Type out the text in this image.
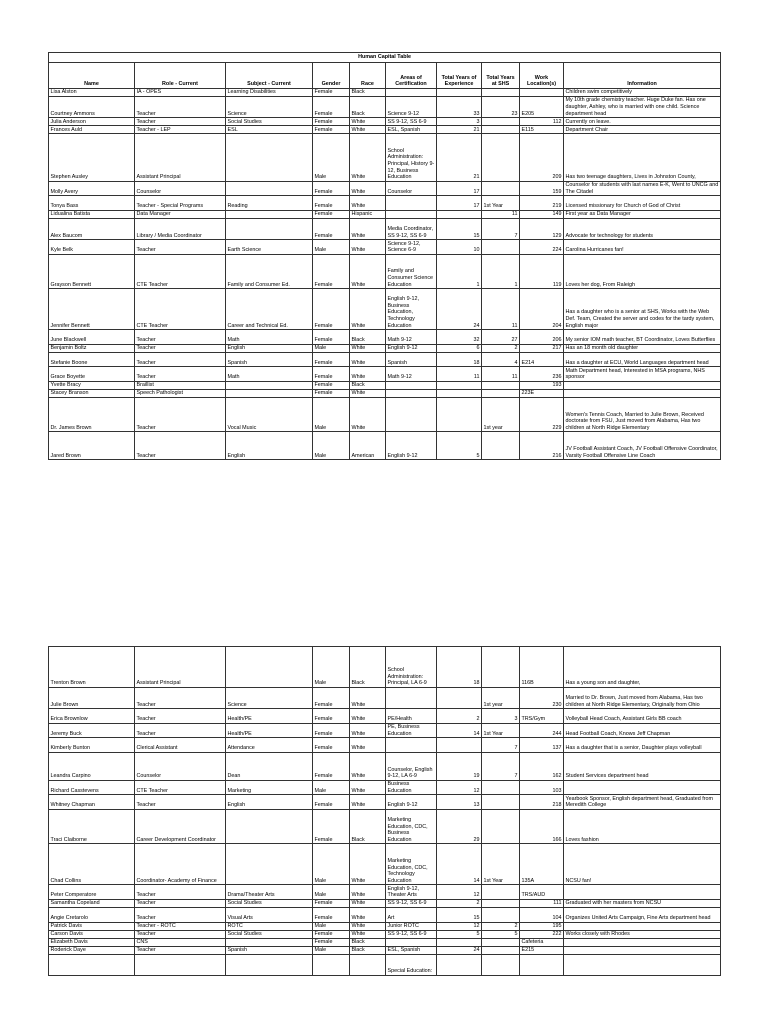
Human Capital Table									
Name	Role - Current	Subject - Current	Gender	Race	Areas of Certification	Total Years of Experience	Total Years at SHS	Work Location(s)	Information
Lisa Alston	IA - OPES	Learning Disabilities	Female	Black					Children swim competitively
Courtney Ammons	Teacher	Science	Female	Black	Science 9-12	33	23	E205	My 10th grade chemistry teacher. Huge Duke fan. Has one daughter, Ashley, who is married with one child. Science department head
Julia Anderson	Teacher	Social Studies	Female	White	SS 9-12, SS 6-9	3		112	Currently on leave.
Frances Auld	Teacher - LEP	ESL	Female	White	ESL, Spanish	21		E115	Department Chair
Stephen Ausley	Assistant Principal		Male	White	School Administration: Principal, History 9-12, Business Education	21		209	Has two teenage daughters, Lives in Johnston County,
Molly Avery	Counselor		Female	White	Counselor	17		159	Counselor for students with last names E-K, Went to UNCG and The Citadel
Tonya Bass	Teacher - Special Programs	Reading	Female	White		17	1st Year	219	Licensed missionary for Church of God of Christ
Lidualina Batista	Data Manager		Female	Hispanic			11	149	First year as Data Manager
Alex Baucom	Library / Media Coordinator		Female	White	Media Coordinator, SS 9-12, SS 6-9	15	7	129	Advocate for technology for students
Kyle Belk	Teacher	Earth Science	Male	White	Science 9-12, Science 6-9	10		224	Carolina Hurricanes fan!
Grayson Bennett	CTE Teacher	Family and Consumer Ed.	Female	White	Family and Consumer Science Education	1	1	119	Loves her dog, From Raleigh
Jennifer Bennett	CTE Teacher	Career and Technical Ed.	Female	White	English 9-12, Business Education, Technology Education	24	11	204	Has a daughter who is a senior at SHS, Works with the Web Def. Team, Created the server and codes for the tardy system, English major
June Blackwell	Teacher	Math	Female	Black	Math 9-12	32	27	206	My senior IOM math teacher, BT Coordinator, Loves Butterflies
Benjamin Boltz	Teacher	English	Male	White	English 9-12	6	2	217	Has an 18 month old daughter
Stefanie Boone	Teacher	Spanish	Female	White	Spanish	18	4	E214	Has a daughter at ECU, World Languages department head
Grace Boyette	Teacher	Math	Female	White	Math 9-12	11	11	236	Math Department head, Interested in MSA programs, NHS sponsor
Yvette Bracy	Braillist		Female	Black				193	
Stacey Branson	Speech Pathologist		Female	White				223E	
Dr. James Brown	Teacher	Vocal Music	Male	White			1st year	229	Women's Tennis Coach, Married to Julie Brown, Received doctorate from FSU, Just moved from Alabama, Has two children at North Ridge Elementary
Jared Brown	Teacher	English	Male	American	English 9-12	5		216	JV Football Assistant Coach, JV Football Offensive Coordinator, Varsity Football Offensive Line Coach
Trenton Brown	Assistant Principal		Male	Black	School Administration: Principal, LA 6-9	18		116B	Has a young son and daughter,
Julie Brown	Teacher	Science	Female	White			1st year	230	Married to Dr. Brown, Just moved from Alabama, Has two children at North Ridge Elementary, Originally from Ohio
Erica Brownlow	Teacher	Health/PE	Female	White	PE/Health	2	3	TRS/Gym	Volleyball Head Coach, Assistant Girls BB coach
Jeremy Buck	Teacher	Health/PE	Female	White	PE, Business Education	14	1st Year	244	Head Football Coach, Knows Jeff Chapman
Kimberly Bunton	Clerical Assistant	Attendance	Female	White			7	137	Has a daughter that is a senior, Daughter plays volleyball
Leandra Carpino	Counselor	Dean	Female	White	Counselor, English 9-12, LA 6-9	19	7	162	Student Services department head
Richard Casstevens	CTE Teacher	Marketing	Male	White	Business Education	12		103	
Whitney Chapman	Teacher	English	Female	White	English 9-12	13		218	Yearbook Sponsor, English department head, Graduated from Meredith College
Traci Claiborne	Career Development Coordinator		Female	Black	Marketing Education, CDC, Business Education	29		166	Loves fashion
Chad Collins	Coordinator- Academy of Finance		Male	White	Marketing Education, CDC, Technology Education	14	1st Year	135A	NCSU fan!
Peter Comperatore	Teacher	Drama/Theater Arts	Male	White	English 9-12, Theater Arts	12		TRS/AUD	
Samantha Copeland	Teacher	Social Studies	Female	White	SS 9-12, SS 6-9	2		111	Graduated with her masters from NCSU
Angie Cretarolo	Teacher	Visual Arts	Female	White	Art	15		104	Organizes United Arts Campaign, Fine Arts department head
Patrick Davis	Teacher - ROTC	ROTC	Male	White	Junior ROTC	12	2	195	
Carson Davis	Teacher	Social Studies	Female	White	SS 9-12, SS 6-9	5	5	222	Works closely with Rhodes
Elizabeth Davis	CNS		Female	Black				Cafeteria	
Roderick Daye	Teacher	Spanish	Male	Black	ESL, Spanish	24		E215	
					Special Education:				
